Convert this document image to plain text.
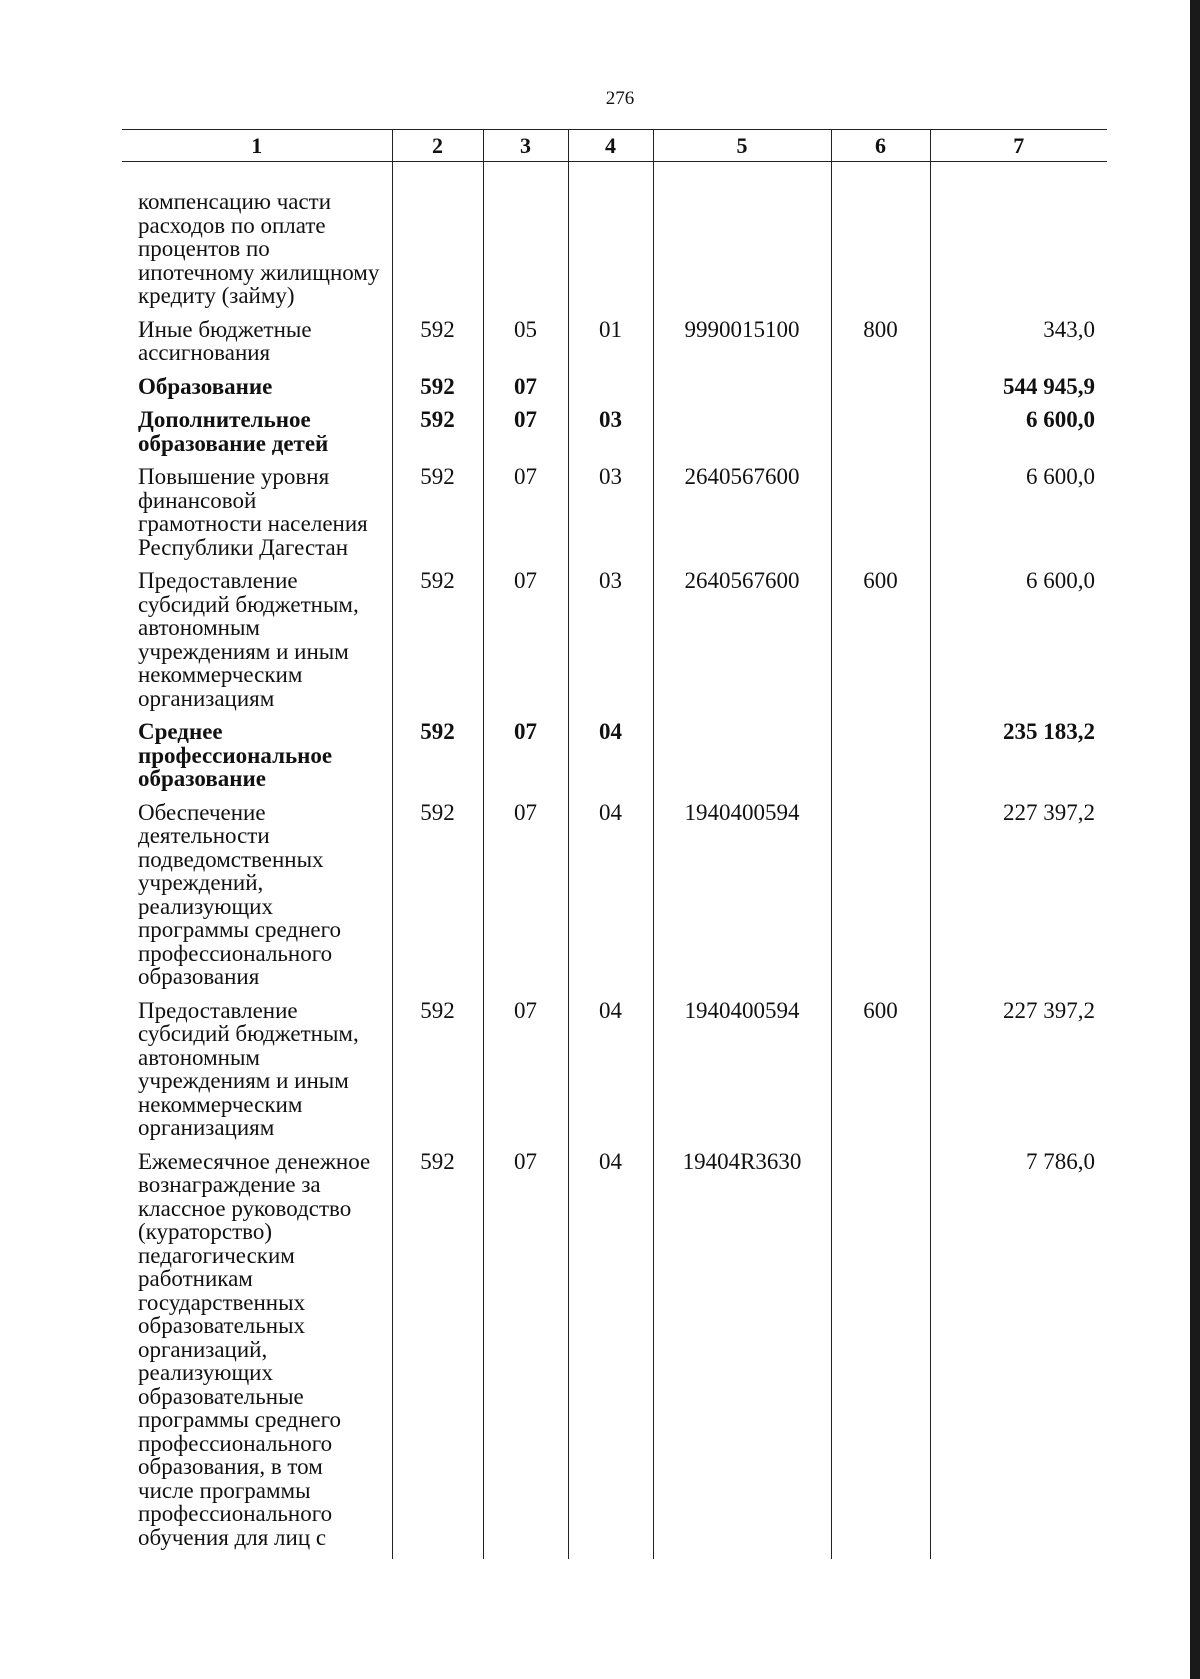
276
1	2	3	4	5	6	7

компенсацию части расходов по оплате процентов по ипотечному жилищному кредиту (займу)						
Иные бюджетные ассигнования	592	05	01	9990015100	800	343,0
Образование	592	07				544 945,9
Дополнительное образование детей	592	07	03			6 600,0
Повышение уровня финансовой грамотности населения Республики Дагестан	592	07	03	2640567600		6 600,0
Предоставление субсидий бюджетным, автономным учреждениям и иным некоммерческим организациям	592	07	03	2640567600	600	6 600,0
Среднее профессиональное образование	592	07	04			235 183,2
Обеспечение деятельности подведомственных учреждений, реализующих программы среднего профессионального образования	592	07	04	1940400594		227 397,2
Предоставление субсидий бюджетным, автономным учреждениям и иным некоммерческим организациям	592	07	04	1940400594	600	227 397,2
Ежемесячное денежное вознаграждение за классное руководство (кураторство) педагогическим работникам государственных образовательных организаций, реализующих образовательные программы среднего профессионального образования, в том числе программы профессионального обучения для лиц с	592	07	04	19404R3630		7 786,0
